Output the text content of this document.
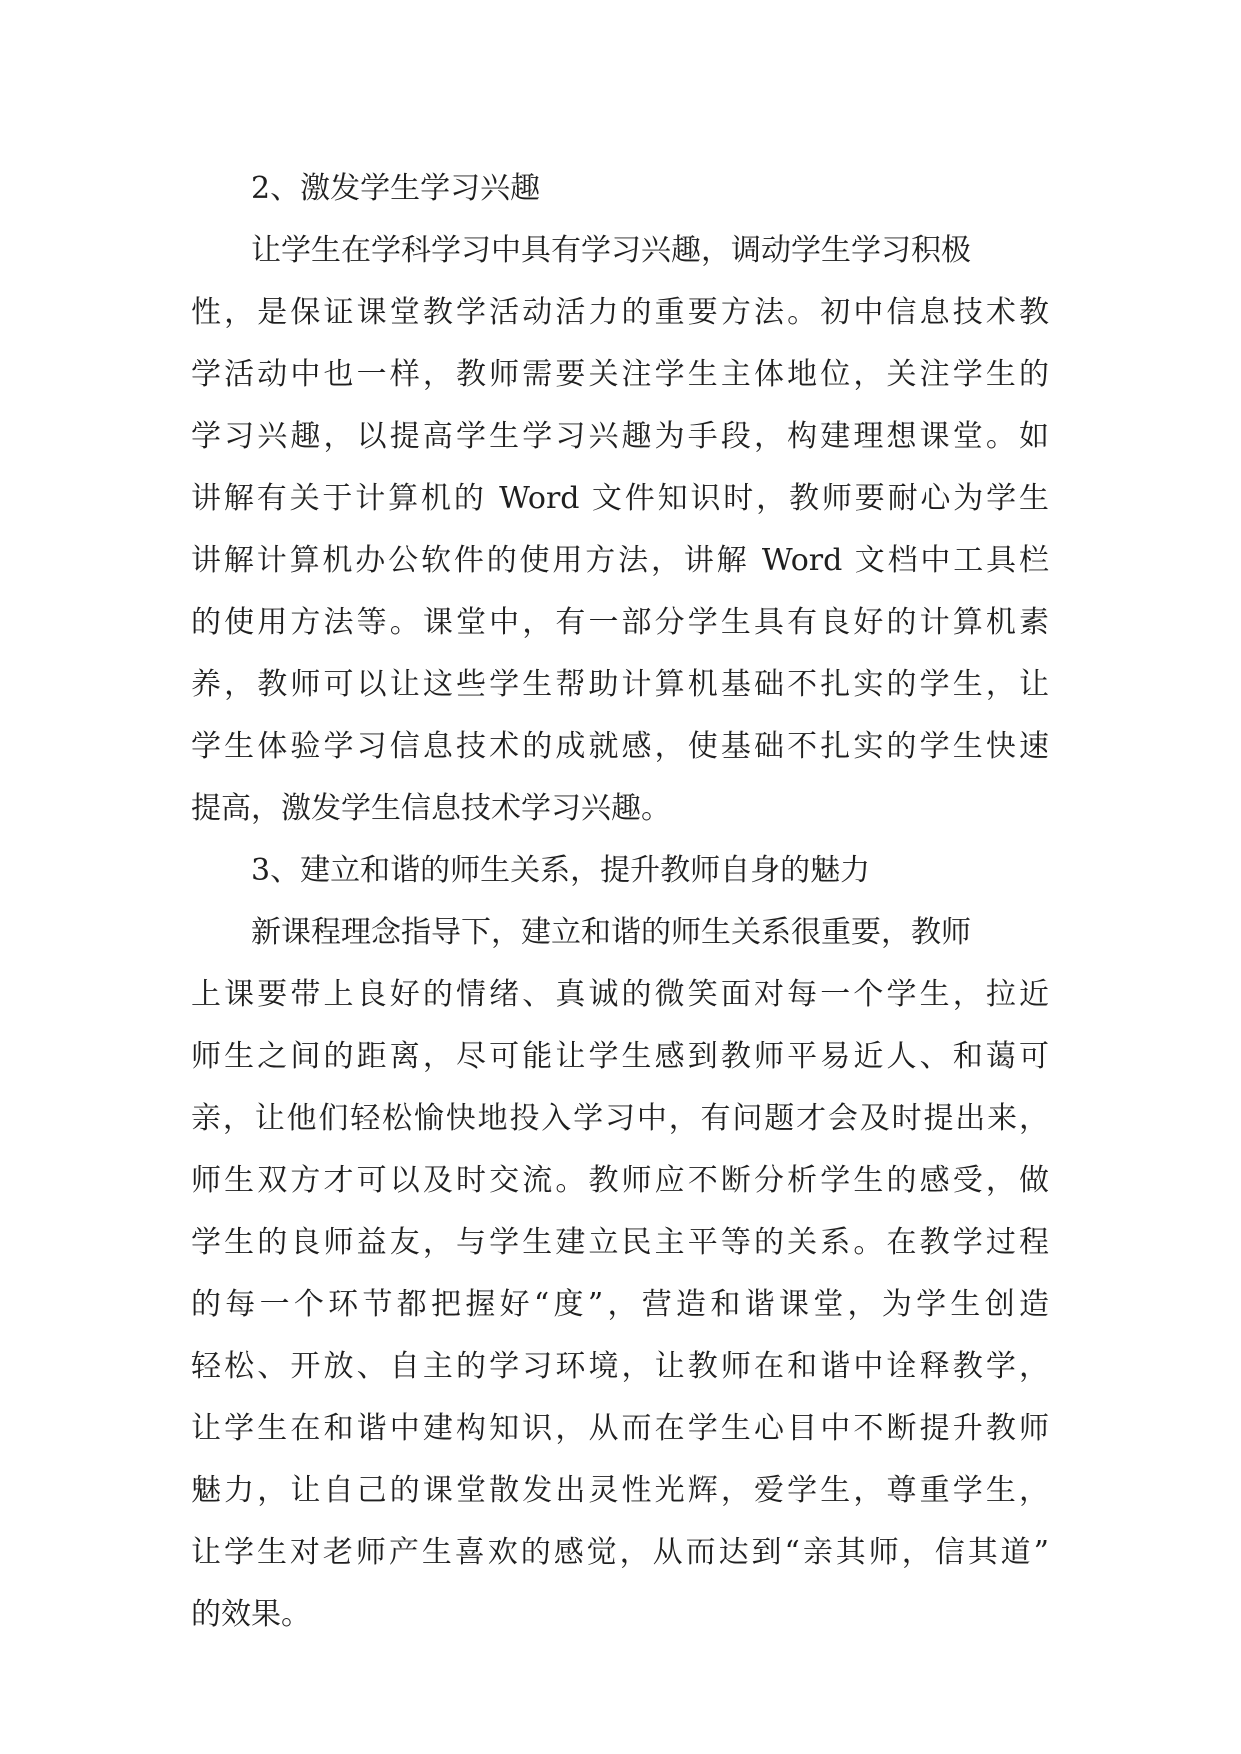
2、激发学生学习兴趣
让学生在学科学习中具有学习兴趣，调动学生学习积极
性，是保证课堂教学活动活力的重要方法。初中信息技术教
学活动中也一样，教师需要关注学生主体地位，关注学生的
学习兴趣，以提高学生学习兴趣为手段，构建理想课堂。如
讲解有关于计算机的 Word 文件知识时，教师要耐心为学生
讲解计算机办公软件的使用方法，讲解 Word 文档中工具栏
的使用方法等。课堂中，有一部分学生具有良好的计算机素
养，教师可以让这些学生帮助计算机基础不扎实的学生，让
学生体验学习信息技术的成就感，使基础不扎实的学生快速
提高，激发学生信息技术学习兴趣。
3、建立和谐的师生关系，提升教师自身的魅力
新课程理念指导下，建立和谐的师生关系很重要，教师
上课要带上良好的情绪、真诚的微笑面对每一个学生，拉近
师生之间的距离，尽可能让学生感到教师平易近人、和蔼可
亲，让他们轻松愉快地投入学习中，有问题才会及时提出来，
师生双方才可以及时交流。教师应不断分析学生的感受，做
学生的良师益友，与学生建立民主平等的关系。在教学过程
的每一个环节都把握好“度”，营造和谐课堂，为学生创造
轻松、开放、自主的学习环境，让教师在和谐中诠释教学，
让学生在和谐中建构知识，从而在学生心目中不断提升教师
魅力，让自己的课堂散发出灵性光辉，爱学生，尊重学生，
让学生对老师产生喜欢的感觉，从而达到“亲其师，信其道”
的效果。
